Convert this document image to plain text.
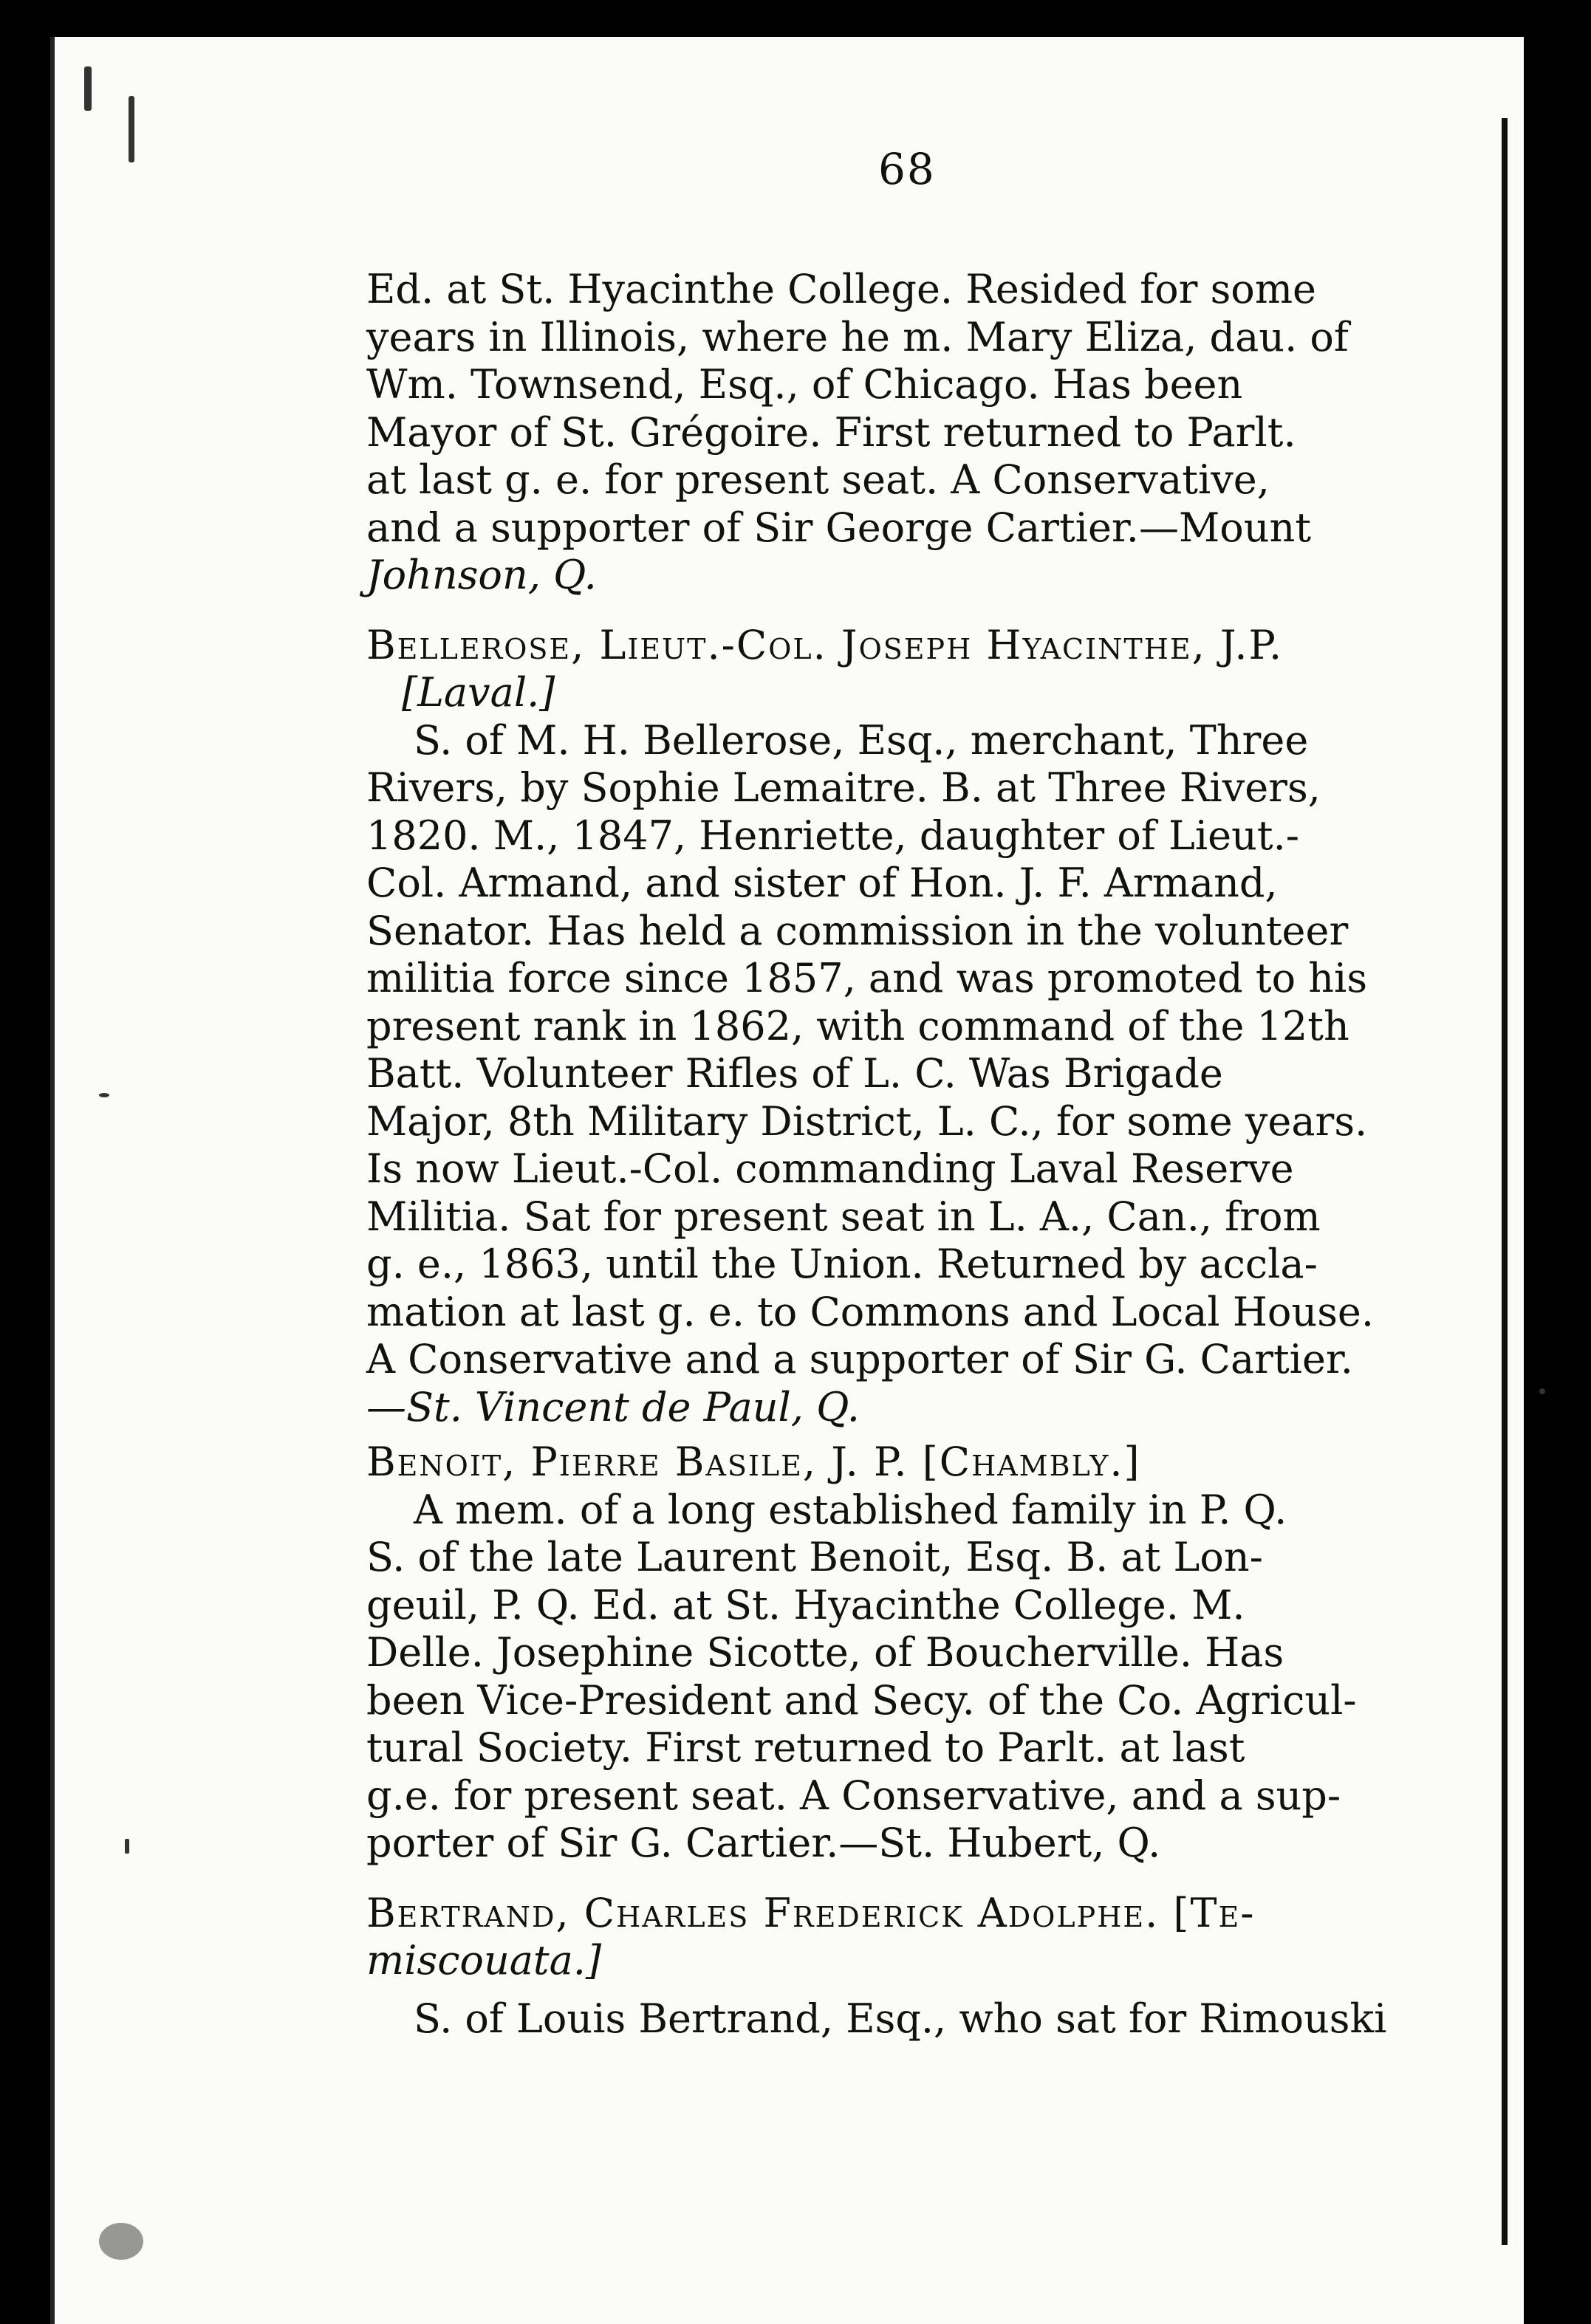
68
Ed. at St. Hyacinthe College. Resided for some
years in Illinois, where he m. Mary Eliza, dau. of
Wm. Townsend, Esq., of Chicago. Has been
Mayor of St. Grégoire. First returned to Parlt.
at last g. e. for present seat. A Conservative,
and a supporter of Sir George Cartier.—Mount
Johnson, Q.
Bellerose, Lieut.-Col. Joseph Hyacinthe, J.P.
[Laval.]
S. of M. H. Bellerose, Esq., merchant, Three
Rivers, by Sophie Lemaitre. B. at Three Rivers,
1820. M., 1847, Henriette, daughter of Lieut.-
Col. Armand, and sister of Hon. J. F. Armand,
Senator. Has held a commission in the volunteer
militia force since 1857, and was promoted to his
present rank in 1862, with command of the 12th
Batt. Volunteer Rifles of L. C. Was Brigade
Major, 8th Military District, L. C., for some years.
Is now Lieut.-Col. commanding Laval Reserve
Militia. Sat for present seat in L. A., Can., from
g. e., 1863, until the Union. Returned by accla-
mation at last g. e. to Commons and Local House.
A Conservative and a supporter of Sir G. Cartier.
—St. Vincent de Paul, Q.
Benoit, Pierre Basile, J. P. [Chambly.]
A mem. of a long established family in P. Q.
S. of the late Laurent Benoit, Esq. B. at Lon-
geuil, P. Q. Ed. at St. Hyacinthe College. M.
Delle. Josephine Sicotte, of Boucherville. Has
been Vice-President and Secy. of the Co. Agricul-
tural Society. First returned to Parlt. at last
g.e. for present seat. A Conservative, and a sup-
porter of Sir G. Cartier.—St. Hubert, Q.
Bertrand, Charles Frederick Adolphe. [Te-
miscouata.]
S. of Louis Bertrand, Esq., who sat for Rimouski
